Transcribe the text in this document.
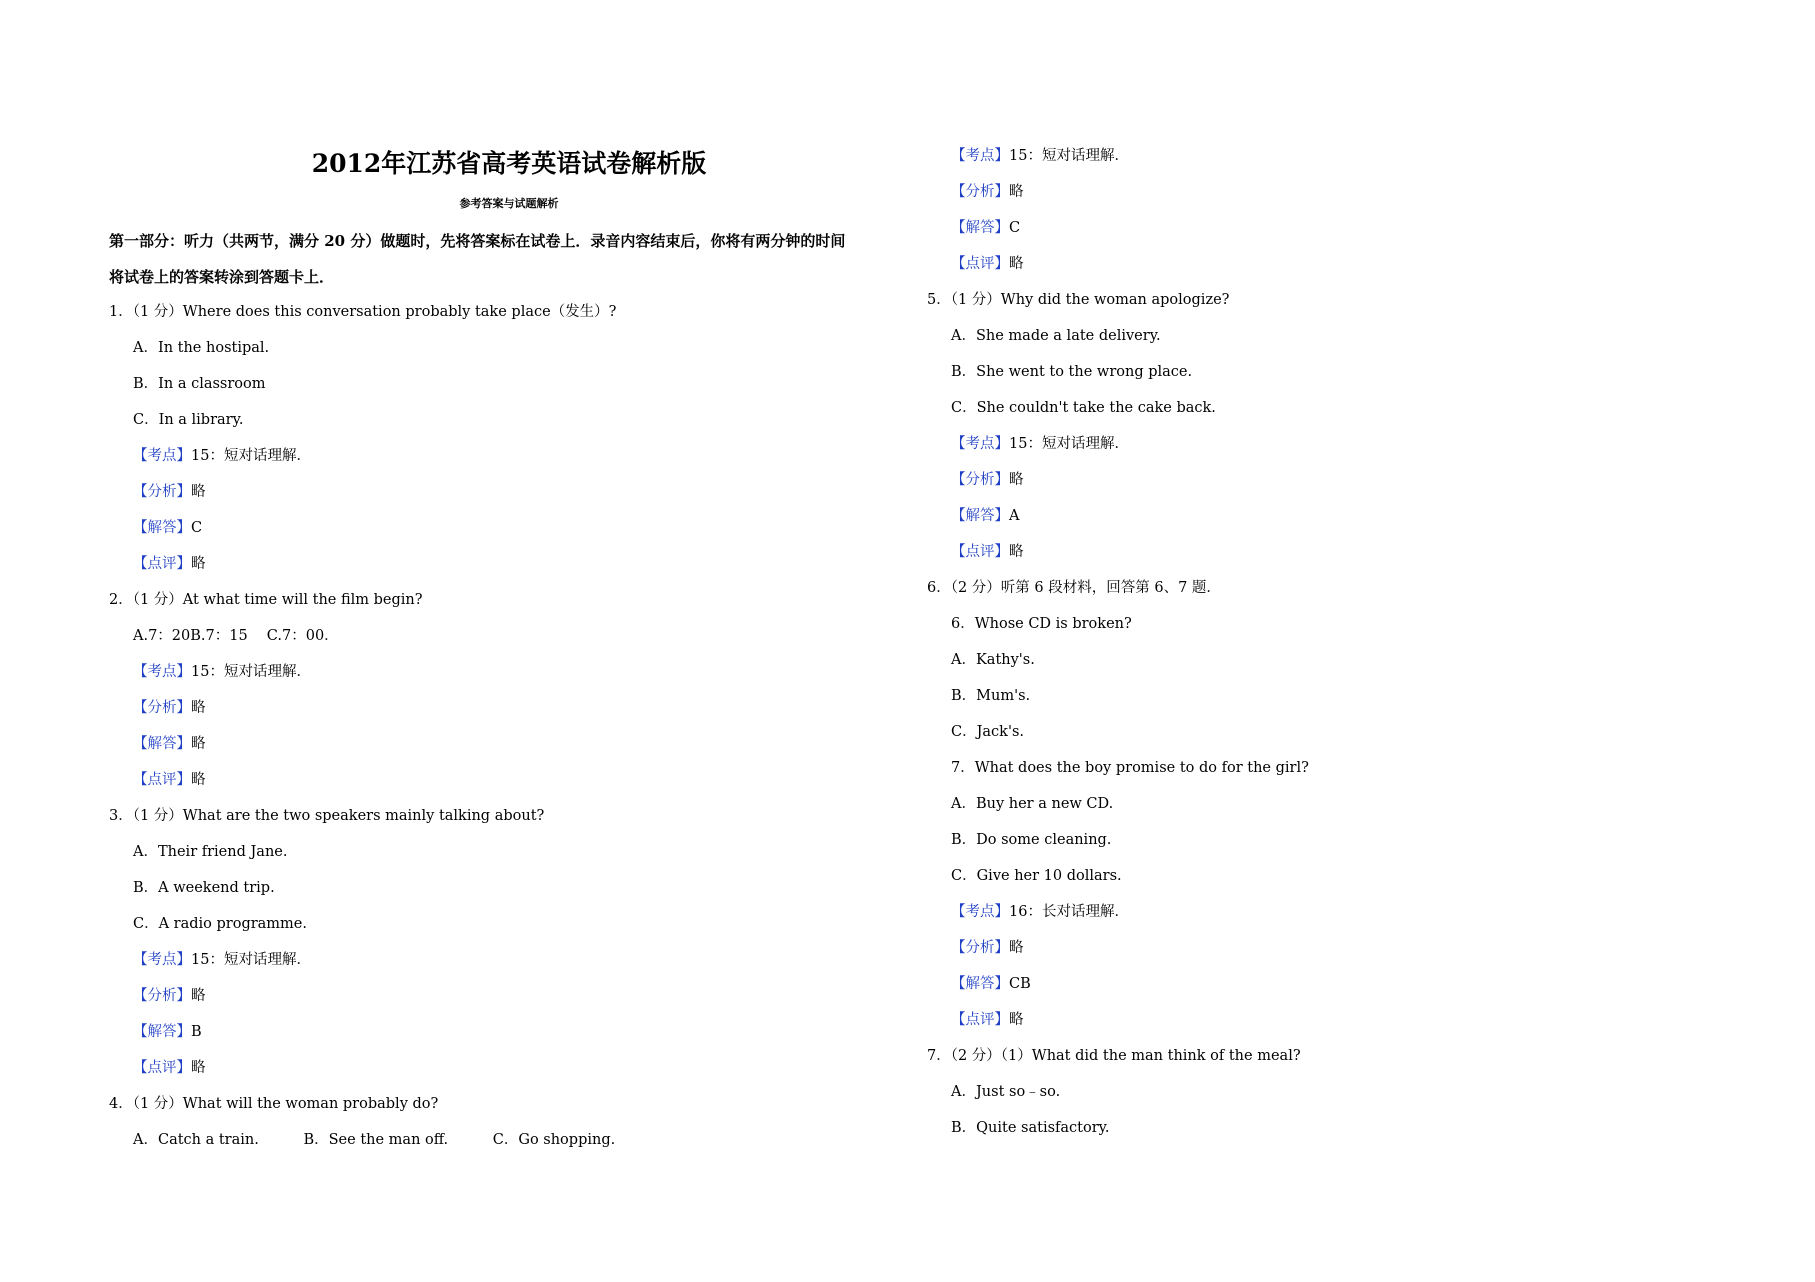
2012年江苏省高考英语试卷解析版
参考答案与试题解析
第一部分：听力（共两节，满分 20 分）做题时，先将答案标在试卷上．录音内容结束后，你将有两分钟的时间
将试卷上的答案转涂到答题卡上．
1．（1 分）Where does this conversation probably take place（发生）?
A．In the hostipal.
B．In a classroom
C．In a library.
【考点】15：短对话理解．
【分析】略
【解答】C
【点评】略
2．（1 分）At what time will the film begin?
A.7：20B.7：15 　C.7：00．
【考点】15：短对话理解．
【分析】略
【解答】略
【点评】略
3．（1 分）What are the two speakers mainly talking about?
A．Their friend Jane.
B．A weekend trip.
C．A radio programme.
【考点】15：短对话理解．
【分析】略
【解答】B
【点评】略
4．（1 分）What will the woman probably do?
A．Catch a train.	B．See the man off.	C．Go shopping.
【考点】15：短对话理解．
【分析】略
【解答】C
【点评】略
5．（1 分）Why did the woman apologize?
A．She made a late delivery.
B．She went to the wrong place.
C．She couldn't take the cake back.
【考点】15：短对话理解．
【分析】略
【解答】A
【点评】略
6．（2 分）听第 6 段材料，回答第 6、7 题．
6．Whose CD is broken?
A．Kathy's.
B．Mum's.
C．Jack's.
7．What does the boy promise to do for the girl?
A．Buy her a new CD.
B．Do some cleaning.
C．Give her 10 dollars.
【考点】16：长对话理解．
【分析】略
【解答】CB
【点评】略
7．（2 分）（1）What did the man think of the meal?
A．Just so﹣so.
B．Quite satisfactory.
